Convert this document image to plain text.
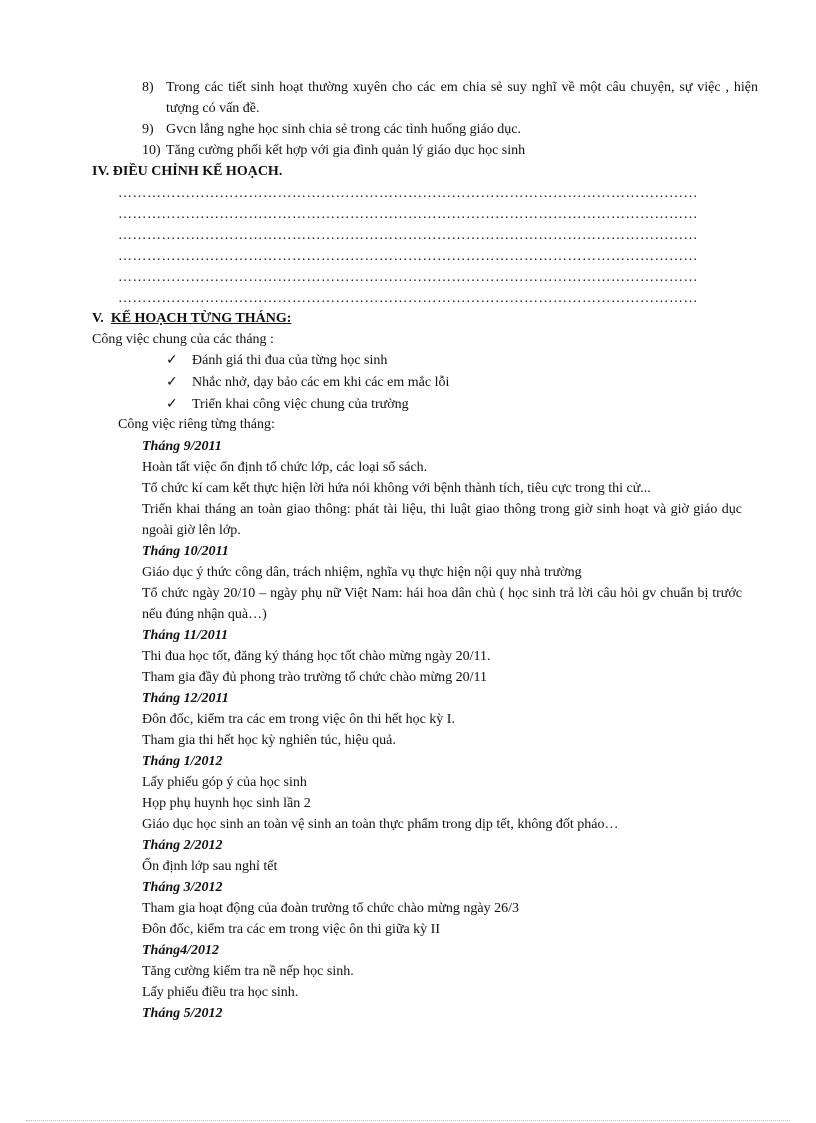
8) Trong các tiết sinh hoạt thường xuyên cho các em chia sẻ suy nghĩ về một câu chuyện, sự việc , hiện tượng có vấn đề.
9) Gvcn lắng nghe học sinh chia sẻ trong các tình huống giáo dục.
10) Tăng cường phối kết hợp với gia đình quản lý giáo dục học sinh
IV. ĐIỀU CHỈNH KẾ HOẠCH.
…………………………………………………………………………………………………………
…………………………………………………………………………………………………………
…………………………………………………………………………………………………………
…………………………………………………………………………………………………………
…………………………………………………………………………………………………………
…………………………………………………………………………………………………………
V. KẾ HOẠCH TỪNG THÁNG:
Công việc chung của các tháng :
✓ Đánh giá thi đua của từng học sinh
✓ Nhắc nhở, dạy bảo các em khi các em mắc lỗi
✓ Triển khai công việc chung của trường
Công việc riêng từng tháng:
Tháng 9/2011
Hoàn tất việc ổn định tổ chức lớp, các loại sổ sách.
Tổ chức kí cam kết thực hiện lời hứa nói không với bệnh thành tích, tiêu cực trong thi cử...
Triển khai tháng an toàn giao thông: phát tài liệu, thi luật giao thông trong giờ sinh hoạt và giờ giáo dục ngoài giờ lên lớp.
Tháng 10/2011
Giáo dục ý thức công dân, trách nhiệm, nghĩa vụ thực hiện nội quy nhà trường
Tổ chức ngày 20/10 – ngày phụ nữ Việt Nam: hái hoa dân chủ ( học sinh trả lời câu hỏi gv chuẩn bị trước nếu đúng nhận quà…)
Tháng 11/2011
Thi đua học tốt, đăng ký tháng học tốt chào mừng ngày 20/11.
Tham gia đầy đủ phong trào trường tổ chức chào mừng 20/11
Tháng 12/2011
Đôn đốc, kiểm tra các em trong việc ôn thi hết học kỳ I.
Tham gia thi hết học kỳ nghiên túc, hiệu quả.
Tháng 1/2012
Lấy phiếu góp ý của học sinh
Họp phụ huynh học sinh lần 2
Giáo dục học sinh an toàn vệ sinh an toàn thực phẩm trong dịp tết, không đốt pháo…
Tháng 2/2012
Ổn định lớp sau nghỉ tết
Tháng 3/2012
Tham gia hoạt động của đoàn trường tổ chức chào mừng ngày 26/3
Đôn đốc, kiểm tra các em trong việc ôn thi giữa kỳ II
Tháng4/2012
Tăng cường kiểm tra nề nếp học sinh.
Lấy phiếu điều tra học sinh.
Tháng 5/2012
